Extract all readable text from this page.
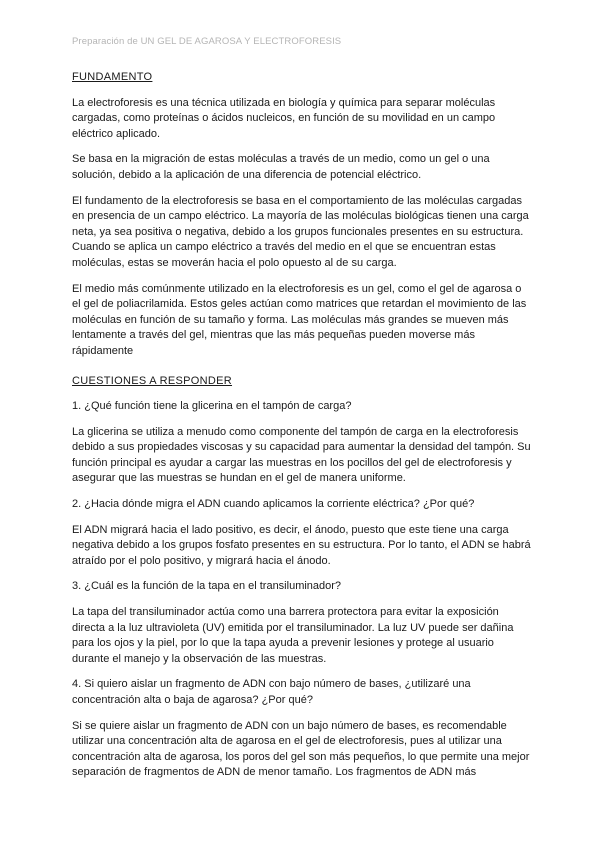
Preparación de UN GEL DE AGAROSA Y ELECTROFORESIS
FUNDAMENTO

La electroforesis es una técnica utilizada en biología y química para separar moléculas cargadas, como proteínas o ácidos nucleicos, en función de su movilidad en un campo eléctrico aplicado.

Se basa en la migración de estas moléculas a través de un medio, como un gel o una solución, debido a la aplicación de una diferencia de potencial eléctrico.

El fundamento de la electroforesis se basa en el comportamiento de las moléculas cargadas en presencia de un campo eléctrico. La mayoría de las moléculas biológicas tienen una carga neta, ya sea positiva o negativa, debido a los grupos funcionales presentes en su estructura. Cuando se aplica un campo eléctrico a través del medio en el que se encuentran estas moléculas, estas se moverán hacia el polo opuesto al de su carga.

El medio más comúnmente utilizado en la electroforesis es un gel, como el gel de agarosa o el gel de poliacrilamida. Estos geles actúan como matrices que retardan el movimiento de las moléculas en función de su tamaño y forma. Las moléculas más grandes se mueven más lentamente a través del gel, mientras que las más pequeñas pueden moverse más rápidamente

CUESTIONES A RESPONDER

1. ¿Qué función tiene la glicerina en el tampón de carga?

La glicerina se utiliza a menudo como componente del tampón de carga en la electroforesis debido a sus propiedades viscosas y su capacidad para aumentar la densidad del tampón. Su función principal es ayudar a cargar las muestras en los pocillos del gel de electroforesis y asegurar que las muestras se hundan en el gel de manera uniforme.

2. ¿Hacia dónde migra el ADN cuando aplicamos la corriente eléctrica? ¿Por qué?

El ADN migrará hacia el lado positivo, es decir, el ánodo, puesto que este tiene una carga negativa debido a los grupos fosfato presentes en su estructura. Por lo tanto, el ADN se habrá atraído por el polo positivo, y migrará hacia el ánodo.

3. ¿Cuál es la función de la tapa en el transiluminador?

La tapa del transiluminador actúa como una barrera protectora para evitar la exposición directa a la luz ultravioleta (UV) emitida por el transiluminador. La luz UV puede ser dañina para los ojos y la piel, por lo que la tapa ayuda a prevenir lesiones y protege al usuario durante el manejo y la observación de las muestras.

4. Si quiero aislar un fragmento de ADN con bajo número de bases, ¿utilizaré una concentración alta o baja de agarosa? ¿Por qué?

Si se quiere aislar un fragmento de ADN con un bajo número de bases, es recomendable utilizar una concentración alta de agarosa en el gel de electroforesis, pues al utilizar una concentración alta de agarosa, los poros del gel son más pequeños, lo que permite una mejor separación de fragmentos de ADN de menor tamaño. Los fragmentos de ADN más
